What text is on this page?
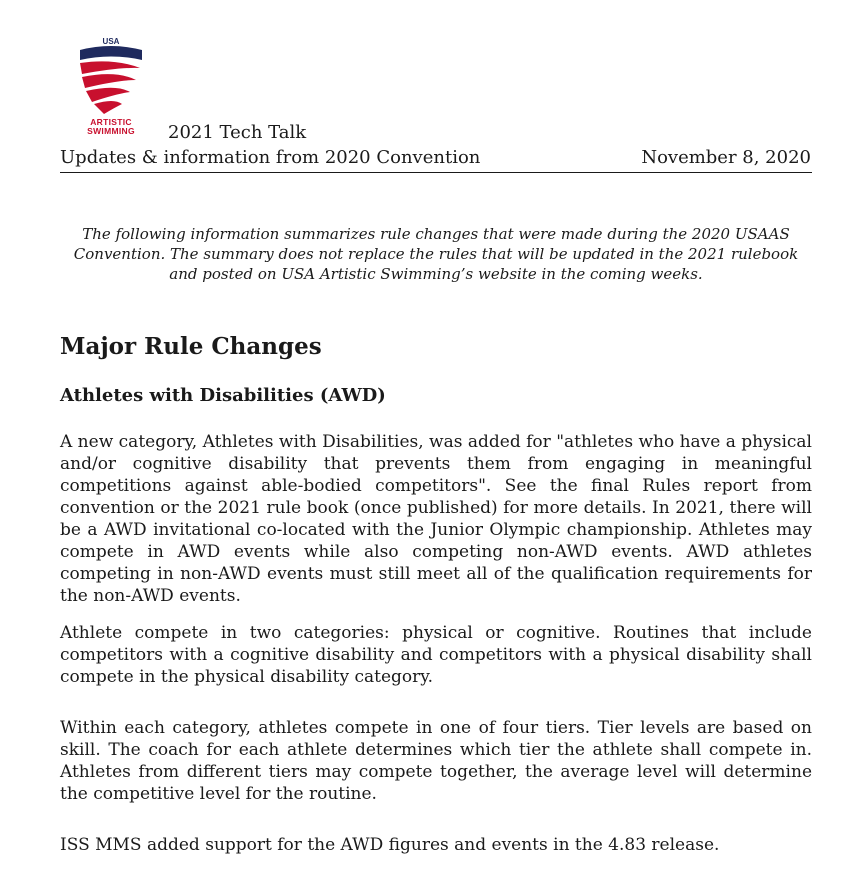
USA
ARTISTIC
SWIMMING	2021 Tech Talk
Updates & information from 2020 Convention	November 8, 2020
The following information summarizes rule changes that were made during the 2020 USAAS Convention. The summary does not replace the rules that will be updated in the 2021 rulebook and posted on USA Artistic Swimming’s website in the coming weeks.
Major Rule Changes
Athletes with Disabilities (AWD)
A new category, Athletes with Disabilities, was added for "athletes who have a physical and/or cognitive disability that prevents them from engaging in meaningful competitions against able-bodied competitors". See the final Rules report from convention or the 2021 rule book (once published) for more details. In 2021, there will be a AWD invitational co-located with the Junior Olympic championship. Athletes may compete in AWD events while also competing non-AWD events. AWD athletes competing in non-AWD events must still meet all of the qualification requirements for the non-AWD events.
Athlete compete in two categories: physical or cognitive. Routines that include competitors with a cognitive disability and competitors with a physical disability shall compete in the physical disability category.
Within each category, athletes compete in one of four tiers. Tier levels are based on skill. The coach for each athlete determines which tier the athlete shall compete in. Athletes from different tiers may compete together, the average level will determine the competitive level for the routine.
ISS MMS added support for the AWD figures and events in the 4.83 release.
